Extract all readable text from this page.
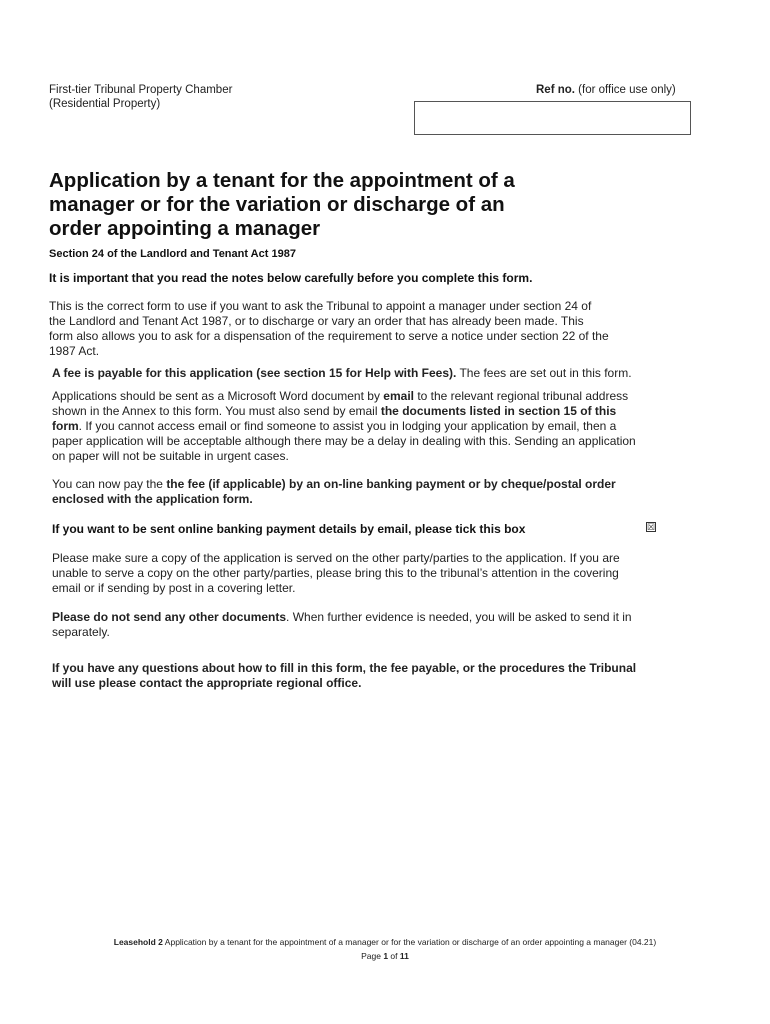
First-tier Tribunal Property Chamber
(Residential Property)
Ref no. (for office use only)
Application by a tenant for the appointment of a
manager or for the variation or discharge of an
order appointing a manager
Section 24 of the Landlord and Tenant Act 1987
It is important that you read the notes below carefully before you complete this form.

This is the correct form to use if you want to ask the Tribunal to appoint a manager under section 24 of
the Landlord and Tenant Act 1987, or to discharge or vary an order that has already been made. This
form also allows you to ask for a dispensation of the requirement to serve a notice under section 22 of the
1987 Act.

A fee is payable for this application (see section 15 for Help with Fees). The fees are set out in this form.

Applications should be sent as a Microsoft Word document by email to the relevant regional tribunal address
shown in the Annex to this form. You must also send by email the documents listed in section 15 of this
form. If you cannot access email or find someone to assist you in lodging your application by email, then a
paper application will be acceptable although there may be a delay in dealing with this. Sending an application
on paper will not be suitable in urgent cases.

You can now pay the the fee (if applicable) by an on-line banking payment or by cheque/postal order
enclosed with the application form.

If you want to be sent online banking payment details by email, please tick this box	☒

Please make sure a copy of the application is served on the other party/parties to the application. If you are
unable to serve a copy on the other party/parties, please bring this to the tribunal’s attention in the covering
email or if sending by post in a covering letter.

Please do not send any other documents. When further evidence is needed, you will be asked to send it in
separately.

If you have any questions about how to fill in this form, the fee payable, or the procedures the Tribunal
will use please contact the appropriate regional office.

Leasehold 2 Application by a tenant for the appointment of a manager or for the variation or discharge of an order appointing a manager (04.21)
Page 1 of 11
